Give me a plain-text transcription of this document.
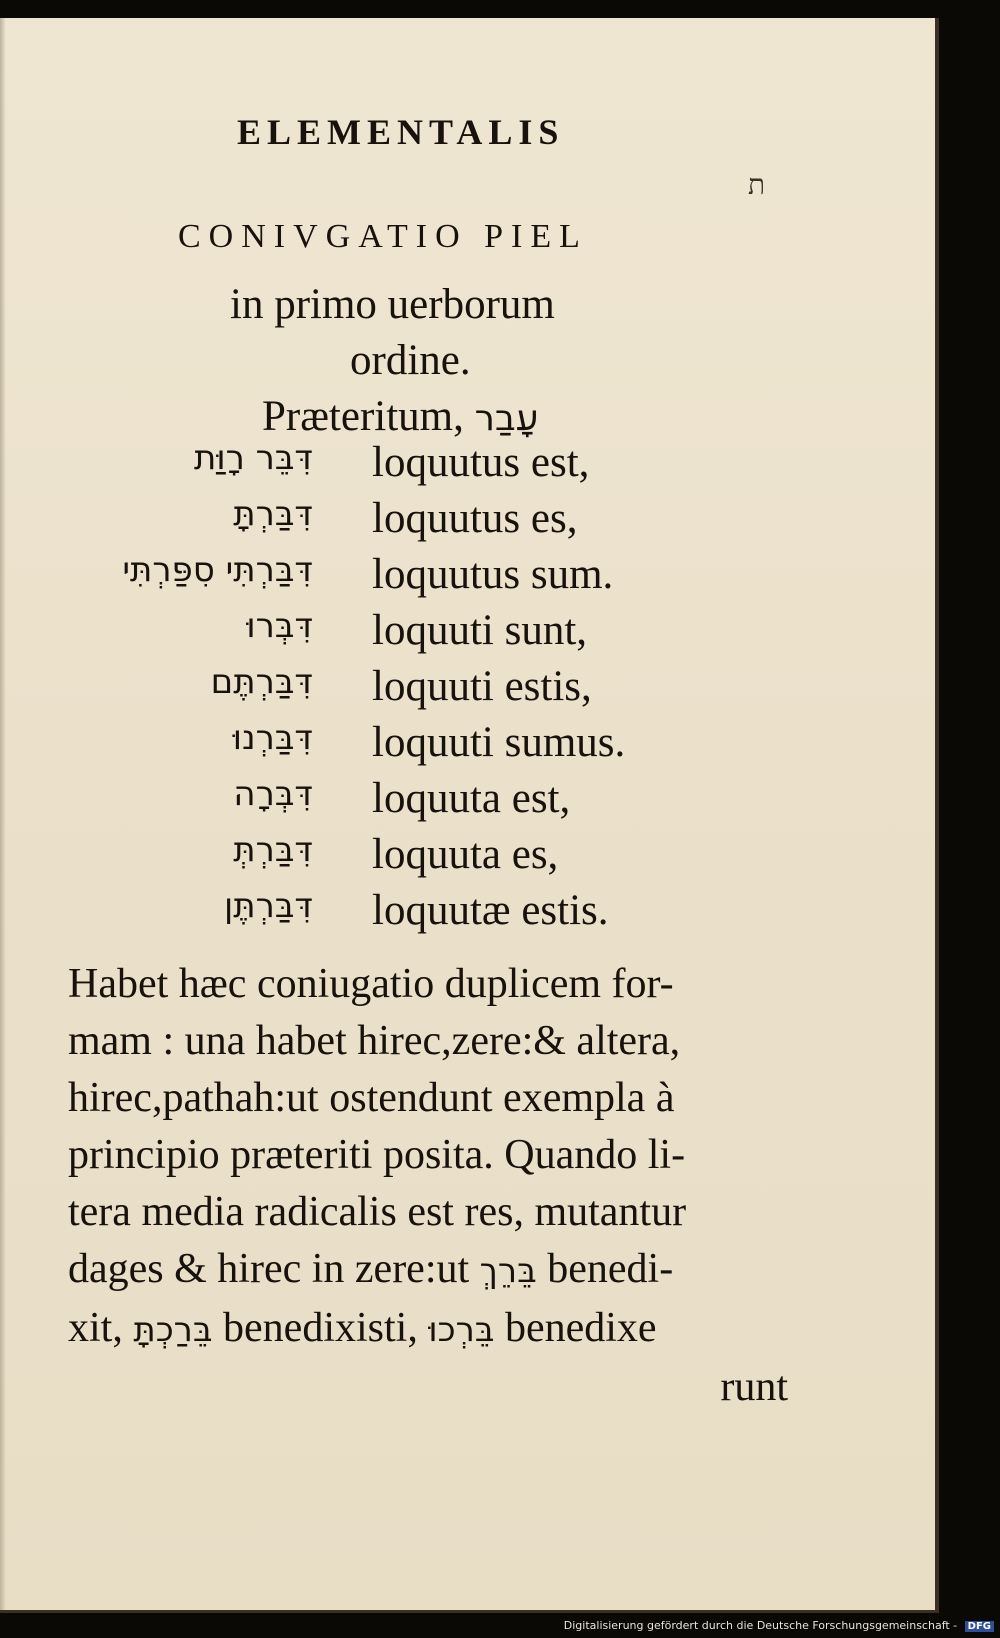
ELEMENTALIS
ת
CONIVGATIO PIEL
in primo uerborum
ordine.
Præteritum, עָבַר
דִּבֵּר רָוַּת loquutus est,
דִּבַּרְתָּ loquutus es,
דִּבַּרְתִּי סִפַּרְתִּי loquutus sum.
דִּבְּרוּ loquuti sunt,
דִּבַּרְתֶּם loquuti estis,
דִּבַּרְנוּ loquuti sumus.
דִּבְּרָה loquuta est,
דִּבַּרְתְּ loquuta es,
דִּבַּרְתֶּן loquutæ estis.
Habet hæc coniugatio duplicem for-
mam : una habet hirec,zere:& altera,
hirec,pathah:ut ostendunt exempla à
principio præteriti posita. Quando li-
tera media radicalis est res, mutantur
dages & hirec in zere:ut בֵּרֵךְ benedi-
xit, בֵּרַכְתָּ benedixisti, בֵּרְכוּ benedixe
runt
Digitalisierung gefördert durch die Deutsche Forschungsgemeinschaft - DFG
